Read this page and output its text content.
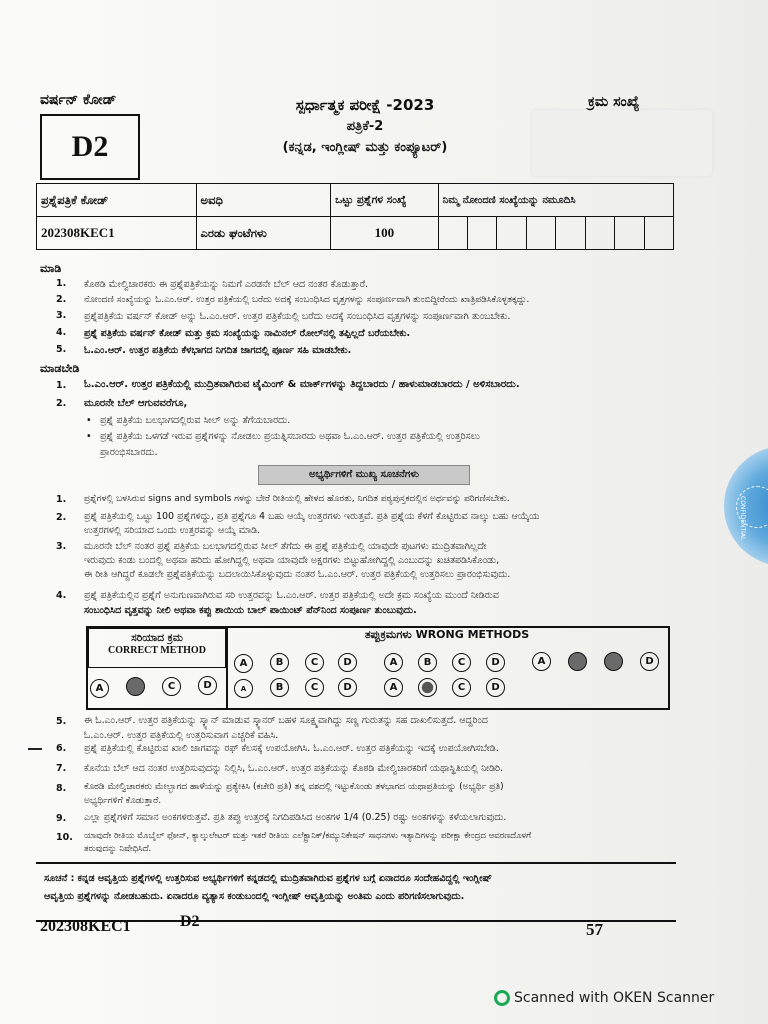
ವರ್ಷನ್ ಕೋಡ್
D2
ಸ್ಪರ್ಧಾತ್ಮಕ ಪರೀಕ್ಷೆ -2023
ಪತ್ರಿಕೆ-2
(ಕನ್ನಡ, ಇಂಗ್ಲೀಷ್ ಮತ್ತು ಕಂಪ್ಯೂಟರ್)
ಕ್ರಮ ಸಂಖ್ಯೆ
ಪ್ರಶ್ನೆಪತ್ರಿಕೆ ಕೋಡ್	ಅವಧಿ	ಒಟ್ಟು ಪ್ರಶ್ನೆಗಳ ಸಂಖ್ಯೆ	ನಿಮ್ಮ ನೋಂದಣಿ ಸಂಖ್ಯೆಯನ್ನು ನಮೂದಿಸಿ							
202308KEC1	ಎರಡು ಘಂಟೆಗಳು	100								
ಮಾಡಿ
1. ಕೊಠಡಿ ಮೇಲ್ವಿಚಾರಕರು ಈ ಪ್ರಶ್ನೆಪತ್ರಿಕೆಯನ್ನು ನಿಮಗೆ ಎರಡನೇ ಬೆಲ್ ಆದ ನಂತರ ಕೊಡುತ್ತಾರೆ.
2. ನೋಂದಣಿ ಸಂಖ್ಯೆಯನ್ನು ಓ.ಎಂ.ಆರ್. ಉತ್ತರ ಪತ್ರಿಕೆಯಲ್ಲಿ ಬರೆದು ಅದಕ್ಕೆ ಸಂಬಂಧಿಸಿದ ವೃತ್ತಗಳನ್ನು ಸಂಪೂರ್ಣವಾಗಿ ತುಂಬಿದ್ದೀರೆಂದು ಖಾತ್ರಿಪಡಿಸಿಕೊಳ್ಳತಕ್ಕದ್ದು.
3. ಪ್ರಶ್ನೆಪತ್ರಿಕೆಯ ವರ್ಷನ್ ಕೋಡ್ ಅನ್ನು ಓ.ಎಂ.ಆರ್. ಉತ್ತರ ಪತ್ರಿಕೆಯಲ್ಲಿ ಬರೆದು ಅದಕ್ಕೆ ಸಂಬಂಧಿಸಿದ ವೃತ್ತಗಳನ್ನು ಸಂಪೂರ್ಣವಾಗಿ ತುಂಬಬೇಕು.
4. ಪ್ರಶ್ನೆ ಪತ್ರಿಕೆಯ ವರ್ಷನ್ ಕೋಡ್ ಮತ್ತು ಕ್ರಮ ಸಂಖ್ಯೆಯನ್ನು ನಾಮಿನಲ್ ರೋಲ್‌ನಲ್ಲಿ ತಪ್ಪಿಲ್ಲದೆ ಬರೆಯಬೇಕು.
5. ಓ.ಎಂ.ಆರ್. ಉತ್ತರ ಪತ್ರಿಕೆಯ ಕೆಳಭಾಗದ ನಿಗದಿತ ಜಾಗದಲ್ಲಿ ಪೂರ್ಣ ಸಹಿ ಮಾಡಬೇಕು.
ಮಾಡಬೇಡಿ
1. ಓ.ಎಂ.ಆರ್. ಉತ್ತರ ಪತ್ರಿಕೆಯಲ್ಲಿ ಮುದ್ರಿತವಾಗಿರುವ ಟೈಮಿಂಗ್ & ಮಾರ್ಕ್‌ಗಳನ್ನು ತಿದ್ದಬಾರದು / ಹಾಳುಮಾಡಬಾರದು / ಅಳಿಸಬಾರದು.
2. ಮೂರನೇ ಬೆಲ್ ಆಗುವವರೆಗೂ,
• ಪ್ರಶ್ನೆ ಪತ್ರಿಕೆಯ ಬಲಭಾಗದಲ್ಲಿರುವ ಸೀಲ್ ಅನ್ನು ತೆಗೆಯಬಾರದು.
• ಪ್ರಶ್ನೆ ಪತ್ರಿಕೆಯ ಒಳಗಡೆ ಇರುವ ಪ್ರಶ್ನೆಗಳನ್ನು ನೋಡಲು ಪ್ರಯತ್ನಿಸಬಾರದು ಅಥವಾ ಓ.ಎಂ.ಆರ್. ಉತ್ತರ ಪತ್ರಿಕೆಯಲ್ಲಿ ಉತ್ತರಿಸಲು
ಪ್ರಾರಂಭಿಸಬಾರದು.
ಅಭ್ಯರ್ಥಿಗಳಿಗೆ ಮುಖ್ಯ ಸೂಚನೆಗಳು
1. ಪ್ರಶ್ನೆಗಳಲ್ಲಿ ಬಳಸಿರುವ signs and symbols ಗಳನ್ನು ಬೇರೆ ರೀತಿಯಲ್ಲಿ ಹೇಳದ ಹೊರತು, ನಿಗದಿತ ಪಠ್ಯಪುಸ್ತಕದಲ್ಲಿನ ಅರ್ಥವನ್ನು ಪರಿಗಣಿಸಬೇಕು.
2. ಪ್ರಶ್ನೆ ಪತ್ರಿಕೆಯಲ್ಲಿ ಒಟ್ಟು 100 ಪ್ರಶ್ನೆಗಳಿದ್ದು, ಪ್ರತಿ ಪ್ರಶ್ನೆಗೂ 4 ಬಹು ಆಯ್ಕೆ ಉತ್ತರಗಳು ಇರುತ್ತವೆ. ಪ್ರತಿ ಪ್ರಶ್ನೆಯ ಕೆಳಗೆ ಕೊಟ್ಟಿರುವ ನಾಲ್ಕು ಬಹು ಆಯ್ಕೆಯ
ಉತ್ತರಗಳಲ್ಲಿ ಸರಿಯಾದ ಒಂದು ಉತ್ತರವನ್ನು ಆಯ್ಕೆ ಮಾಡಿ.
3. ಮೂರನೇ ಬೆಲ್ ನಂತರ ಪ್ರಶ್ನೆ ಪತ್ರಿಕೆಯ ಬಲಭಾಗದಲ್ಲಿರುವ ಸೀಲ್ ತೆಗೆದು ಈ ಪ್ರಶ್ನೆ ಪತ್ರಿಕೆಯಲ್ಲಿ ಯಾವುದೇ ಪುಟಗಳು ಮುದ್ರಿತವಾಗಿಲ್ಲದೇ
ಇರುವುದು ಕಂಡು ಬಂದಲ್ಲಿ ಅಥವಾ ಹರಿದು ಹೋಗಿದ್ದಲ್ಲಿ ಅಥವಾ ಯಾವುದೇ ಅಕ್ಷರಗಳು ಬಿಟ್ಟುಹೋಗಿದ್ದಲ್ಲಿ ಎಂಬುದನ್ನು ಖಚಿತಪಡಿಸಿಕೊಂಡು,
ಈ ರೀತಿ ಆಗಿದ್ದರೆ ಕೂಡಲೇ ಪ್ರಶ್ನೆಪತ್ರಿಕೆಯನ್ನು ಬದಲಾಯಿಸಿಕೊಳ್ಳುವುದು ನಂತರ ಓ.ಎಂ.ಆರ್. ಉತ್ತರ ಪತ್ರಿಕೆಯಲ್ಲಿ ಉತ್ತರಿಸಲು ಪ್ರಾರಂಭಿಸುವುದು.
4. ಪ್ರಶ್ನೆ ಪತ್ರಿಕೆಯಲ್ಲಿನ ಪ್ರಶ್ನೆಗೆ ಅನುಗುಣವಾಗಿರುವ ಸರಿ ಉತ್ತರವನ್ನು ಓ.ಎಂ.ಆರ್. ಉತ್ತರ ಪತ್ರಿಕೆಯಲ್ಲಿ ಅದೇ ಕ್ರಮ ಸಂಖ್ಯೆಯ ಮುಂದೆ ನೀಡಿರುವ
ಸಂಬಂಧಿಸಿದ ವೃತ್ತವನ್ನು ನೀಲಿ ಅಥವಾ ಕಪ್ಪು ಶಾಯಿಯ ಬಾಲ್ ಪಾಯಿಂಟ್ ಪೆನ್‌ನಿಂದ ಸಂಪೂರ್ಣ ತುಂಬುವುದು.
ಸರಿಯಾದ ಕ್ರಮ
CORRECT METHOD
ತಪ್ಪುಕ್ರಮಗಳು WRONG METHODS
A	C	D
A	B	C	D	A	B	C	D	A	D
A	B	C	D	A	C	D
5. ಈ ಓ.ಎಂ.ಆರ್. ಉತ್ತರ ಪತ್ರಿಕೆಯನ್ನು ಸ್ಕ್ಯಾನ್ ಮಾಡುವ ಸ್ಕ್ಯಾನರ್ ಬಹಳ ಸೂಕ್ಷ್ಮವಾಗಿದ್ದು ಸಣ್ಣ ಗುರುತನ್ನು ಸಹ ದಾಖಲಿಸುತ್ತದೆ. ಆದ್ದರಿಂದ
ಓ.ಎಂ.ಆರ್. ಉತ್ತರ ಪತ್ರಿಕೆಯಲ್ಲಿ ಉತ್ತರಿಸುವಾಗ ಎಚ್ಚರಿಕೆ ವಹಿಸಿ.
6. ಪ್ರಶ್ನೆ ಪತ್ರಿಕೆಯಲ್ಲಿ ಕೊಟ್ಟಿರುವ ಖಾಲಿ ಜಾಗವನ್ನು ರಫ್ ಕೆಲಸಕ್ಕೆ ಉಪಯೋಗಿಸಿ. ಓ.ಎಂ.ಆರ್. ಉತ್ತರ ಪತ್ರಿಕೆಯನ್ನು ಇದಕ್ಕೆ ಉಪಯೋಗಿಸಬೇಡಿ.
7. ಕೊನೆಯ ಬೆಲ್ ಆದ ನಂತರ ಉತ್ತರಿಸುವುದನ್ನು ನಿಲ್ಲಿಸಿ, ಓ.ಎಂ.ಆರ್. ಉತ್ತರ ಪತ್ರಿಕೆಯನ್ನು ಕೊಠಡಿ ಮೇಲ್ವಿಚಾರಕರಿಗೆ ಯಥಾಸ್ಥಿತಿಯಲ್ಲಿ ನೀಡಿರಿ.
8. ಕೊಠಡಿ ಮೇಲ್ವಿಚಾರಕರು ಮೇಲ್ಭಾಗದ ಹಾಳೆಯನ್ನು ಪ್ರತ್ಯೇಕಿಸಿ (ಕಚೇರಿ ಪ್ರತಿ) ತನ್ನ ವಶದಲ್ಲಿ ಇಟ್ಟುಕೊಂಡು ತಳಭಾಗದ ಯಥಾಪ್ರತಿಯನ್ನು (ಅಭ್ಯರ್ಥಿ ಪ್ರತಿ)
ಅಭ್ಯರ್ಥಿಗಳಿಗೆ ಕೊಡುತ್ತಾರೆ.
9. ಎಲ್ಲಾ ಪ್ರಶ್ನೆಗಳಿಗೆ ಸಮಾನ ಅಂಕಗಳಿರುತ್ತವೆ. ಪ್ರತಿ ತಪ್ಪು ಉತ್ತರಕ್ಕೆ ನಿಗದಿಪಡಿಸಿದ ಅಂಕಗಳ 1/4 (0.25) ರಷ್ಟು ಅಂಕಗಳನ್ನು ಕಳೆಯಲಾಗುವುದು.
10. ಯಾವುದೇ ರೀತಿಯ ಮೊಬೈಲ್ ಫೋನ್, ಕ್ಯಾಲ್ಕುಲೇಟರ್ ಮತ್ತು ಇತರೆ ರೀತಿಯ ಎಲೆಕ್ಟ್ರಾನಿಕ್/ಕಮ್ಯುನಿಕೇಷನ್ ಸಾಧನಗಳು ಇತ್ಯಾದಿಗಳನ್ನು ಪರೀಕ್ಷಾ ಕೇಂದ್ರದ ಆವರಣದೊಳಗೆ
ತರುವುದನ್ನು ನಿಷೇಧಿಸಿದೆ.
ಸೂಚನೆ : ಕನ್ನಡ ಆವೃತ್ತಿಯ ಪ್ರಶ್ನೆಗಳಲ್ಲಿ ಉತ್ತರಿಸುವ ಅಭ್ಯರ್ಥಿಗಳಿಗೆ ಕನ್ನಡದಲ್ಲಿ ಮುದ್ರಿತವಾಗಿರುವ ಪ್ರಶ್ನೆಗಳ ಬಗ್ಗೆ ಏನಾದರೂ ಸಂದೇಹವಿದ್ದಲ್ಲಿ ಇಂಗ್ಲೀಷ್
ಆವೃತ್ತಿಯ ಪ್ರಶ್ನೆಗಳನ್ನು ನೋಡಬಹುದು. ಏನಾದರೂ ವ್ಯತ್ಯಾಸ ಕಂಡುಬಂದಲ್ಲಿ ಇಂಗ್ಲೀಷ್ ಆವೃತ್ತಿಯನ್ನು ಅಂತಿಮ ಎಂದು ಪರಿಗಣಿಸಲಾಗುವುದು.
202308KEC1	D2	57
CONFIDENTIAL
Scanned with OKEN Scanner
